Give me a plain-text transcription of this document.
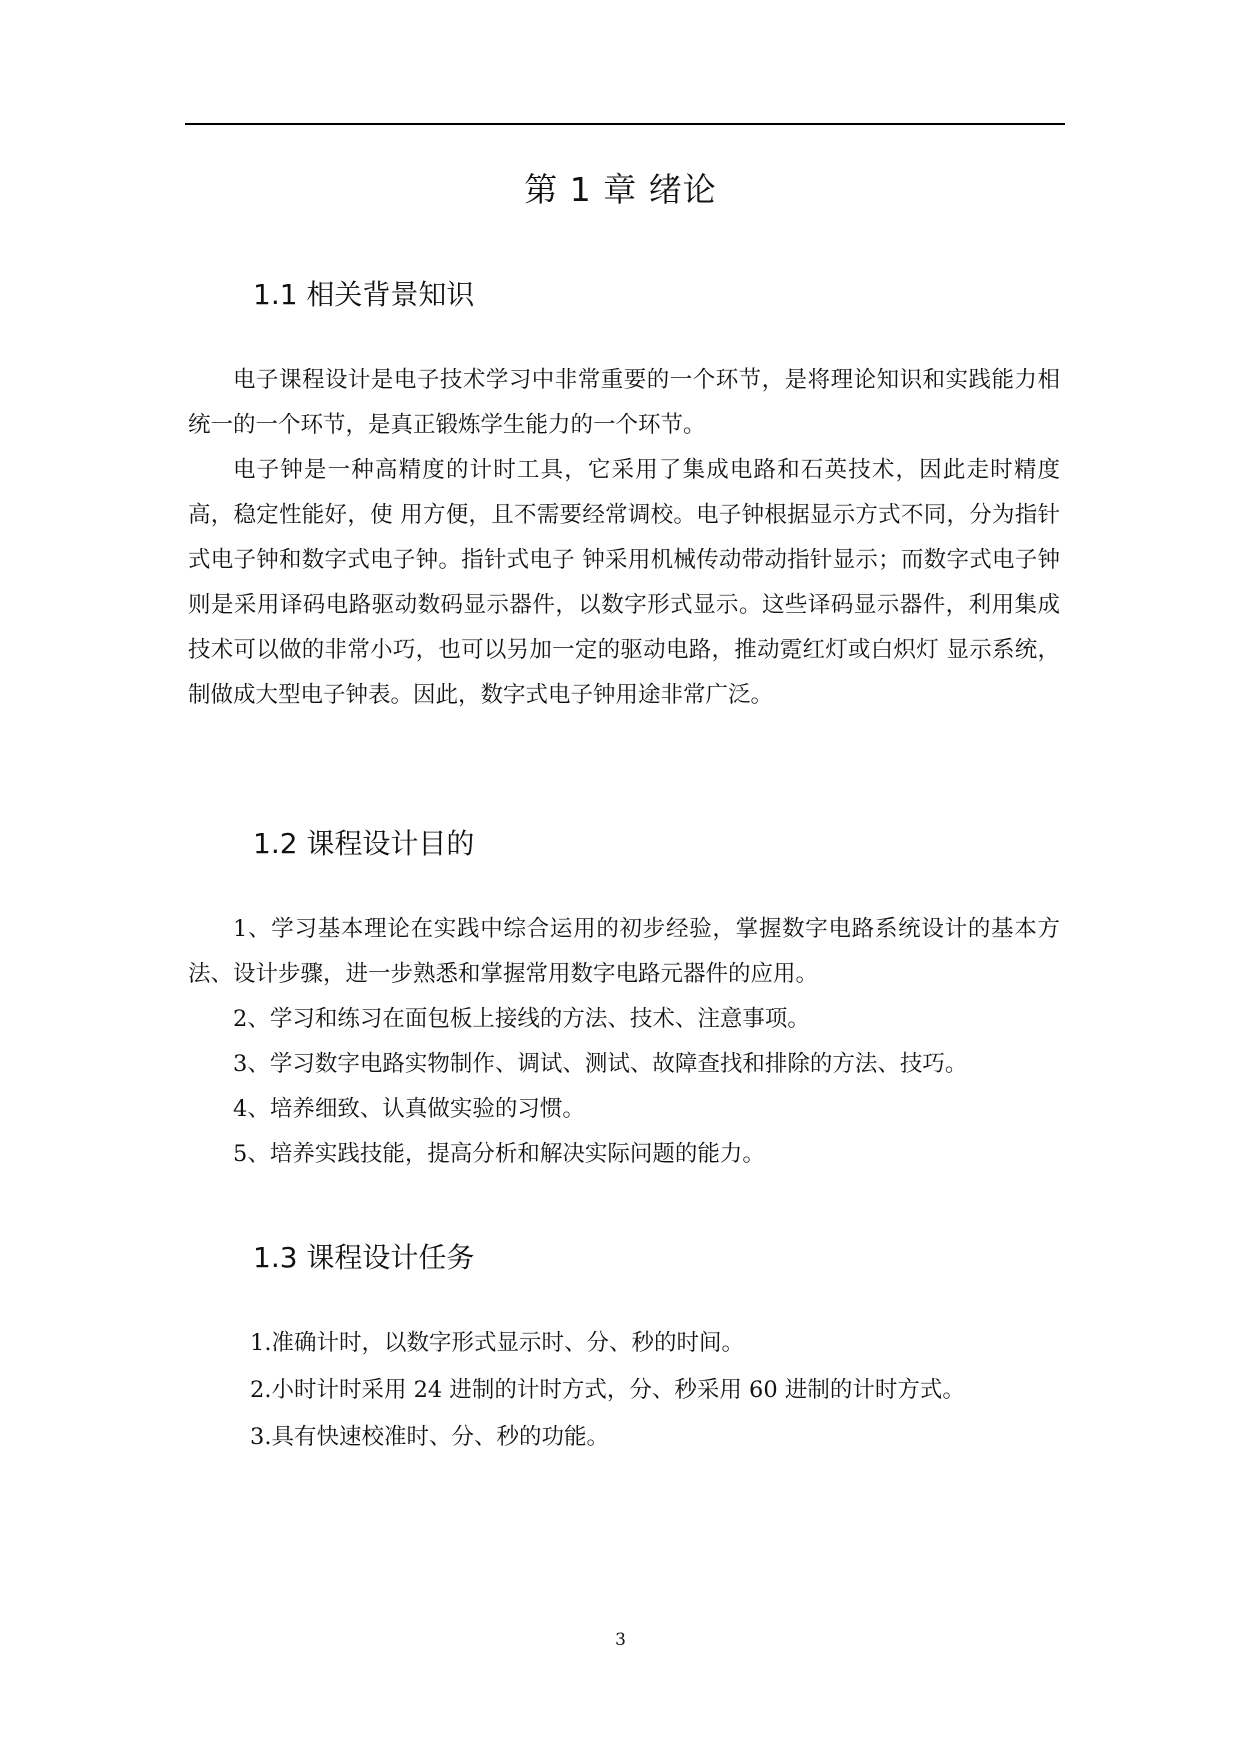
第 1 章 绪论
1.1 相关背景知识

电子课程设计是电子技术学习中非常重要的一个环节，是将理论知识和实践能力相统一的一个环节，是真正锻炼学生能力的一个环节。

电子钟是一种高精度的计时工具，它采用了集成电路和石英技术，因此走时精度高，稳定性能好，使 用方便，且不需要经常调校。电子钟根据显示方式不同，分为指针式电子钟和数字式电子钟。指针式电子 钟采用机械传动带动指针显示；而数字式电子钟则是采用译码电路驱动数码显示器件，以数字形式显示。这些译码显示器件，利用集成技术可以做的非常小巧，也可以另加一定的驱动电路，推动霓红灯或白炽灯 显示系统，制做成大型电子钟表。因此，数字式电子钟用途非常广泛。

1.2 课程设计目的

1、学习基本理论在实践中综合运用的初步经验，掌握数字电路系统设计的基本方法、设计步骤，进一步熟悉和掌握常用数字电路元器件的应用。

2、学习和练习在面包板上接线的方法、技术、注意事项。
3、学习数字电路实物制作、调试、测试、故障查找和排除的方法、技巧。
4、培养细致、认真做实验的习惯。
5、培养实践技能，提高分析和解决实际问题的能力。
1.3 课程设计任务
1.准确计时，以数字形式显示时、分、秒的时间。
2.小时计时采用 24 进制的计时方式，分、秒采用 60 进制的计时方式。
3.具有快速校准时、分、秒的功能。
3
